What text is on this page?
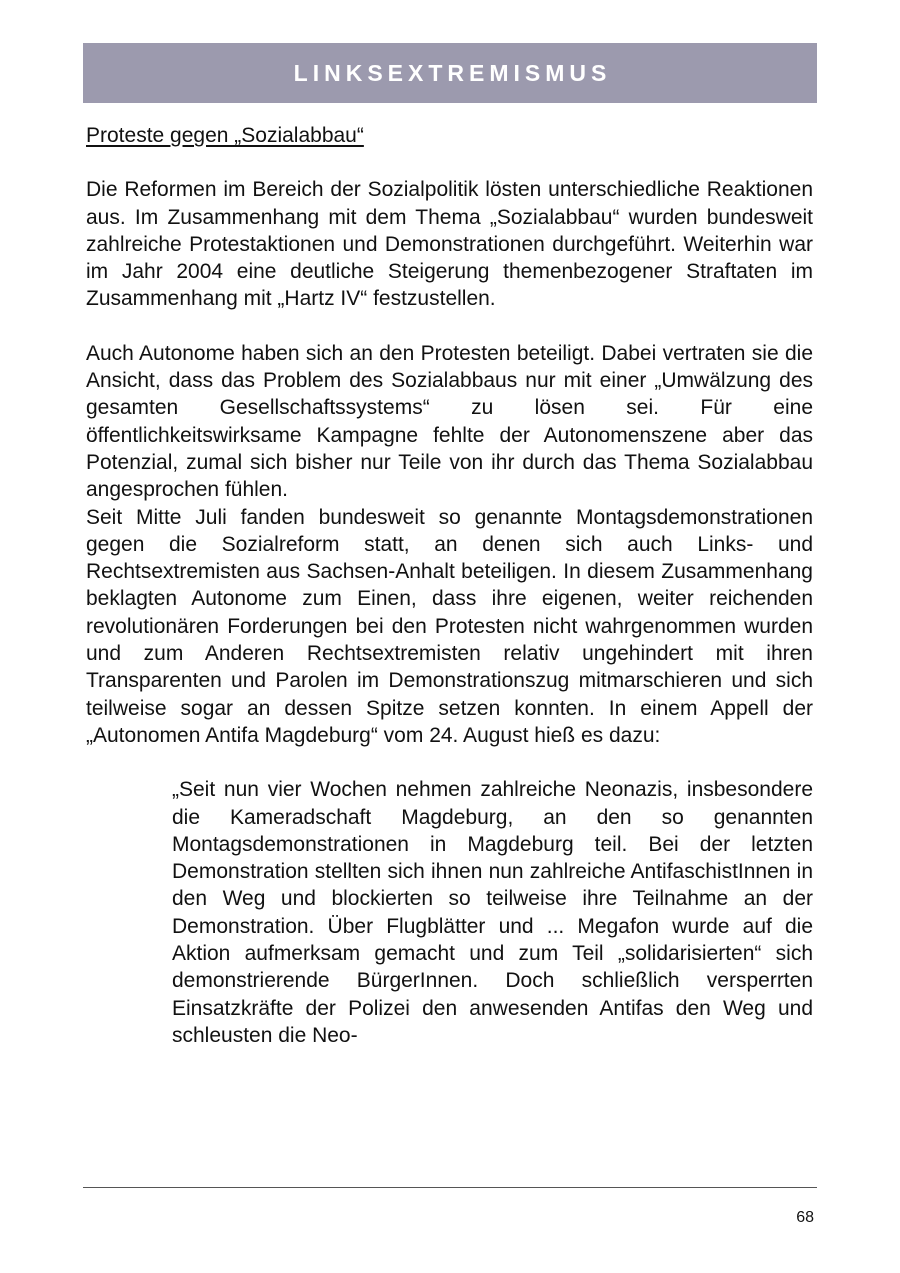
LINKSEXTREMISMUS
Proteste gegen „Sozialabbau“

Die Reformen im Bereich der Sozialpolitik lösten unterschiedliche Reaktionen aus. Im Zusammenhang mit dem Thema „Sozialabbau“ wurden bundesweit zahlreiche Protestaktionen und Demonstrationen durchgeführt. Weiterhin war im Jahr 2004 eine deutliche Steigerung themenbezogener Straftaten im Zusammenhang mit „Hartz IV“ festzustellen.

Auch Autonome haben sich an den Protesten beteiligt. Dabei vertraten sie die Ansicht, dass das Problem des Sozialabbaus nur mit einer „Umwälzung des gesamten Gesellschaftssystems“ zu lösen sei. Für eine öffentlichkeitswirksame Kampagne fehlte der Autonomenszene aber das Potenzial, zumal sich bisher nur Teile von ihr durch das Thema Sozialabbau angesprochen fühlen.

Seit Mitte Juli fanden bundesweit so genannte Montagsdemonstrationen gegen die Sozialreform statt, an denen sich auch Links- und Rechtsextremisten aus Sachsen-Anhalt beteiligen. In diesem Zusammenhang beklagten Autonome zum Einen, dass ihre eigenen, weiter reichenden revolutionären Forderungen bei den Protesten nicht wahrgenommen wurden und zum Anderen Rechtsextremisten relativ ungehindert mit ihren Transparenten und Parolen im Demonstrationszug mitmarschieren und sich teilweise sogar an dessen Spitze setzen konnten. In einem Appell der „Autonomen Antifa Magdeburg“ vom 24. August hieß es dazu:

„Seit nun vier Wochen nehmen zahlreiche Neonazis, insbesondere die Kameradschaft Magdeburg, an den so genannten Montagsdemonstrationen in Magdeburg teil. Bei der letzten Demonstration stellten sich ihnen nun zahlreiche AntifaschistInnen in den Weg und blockierten so teilweise ihre Teilnahme an der Demonstration. Über Flugblätter und ... Megafon wurde auf die Aktion aufmerksam gemacht und zum Teil „solidarisierten“ sich demonstrierende BürgerInnen. Doch schließlich versperrten Einsatzkräfte der Polizei den anwesenden Antifas den Weg und schleusten die Neo-

68
